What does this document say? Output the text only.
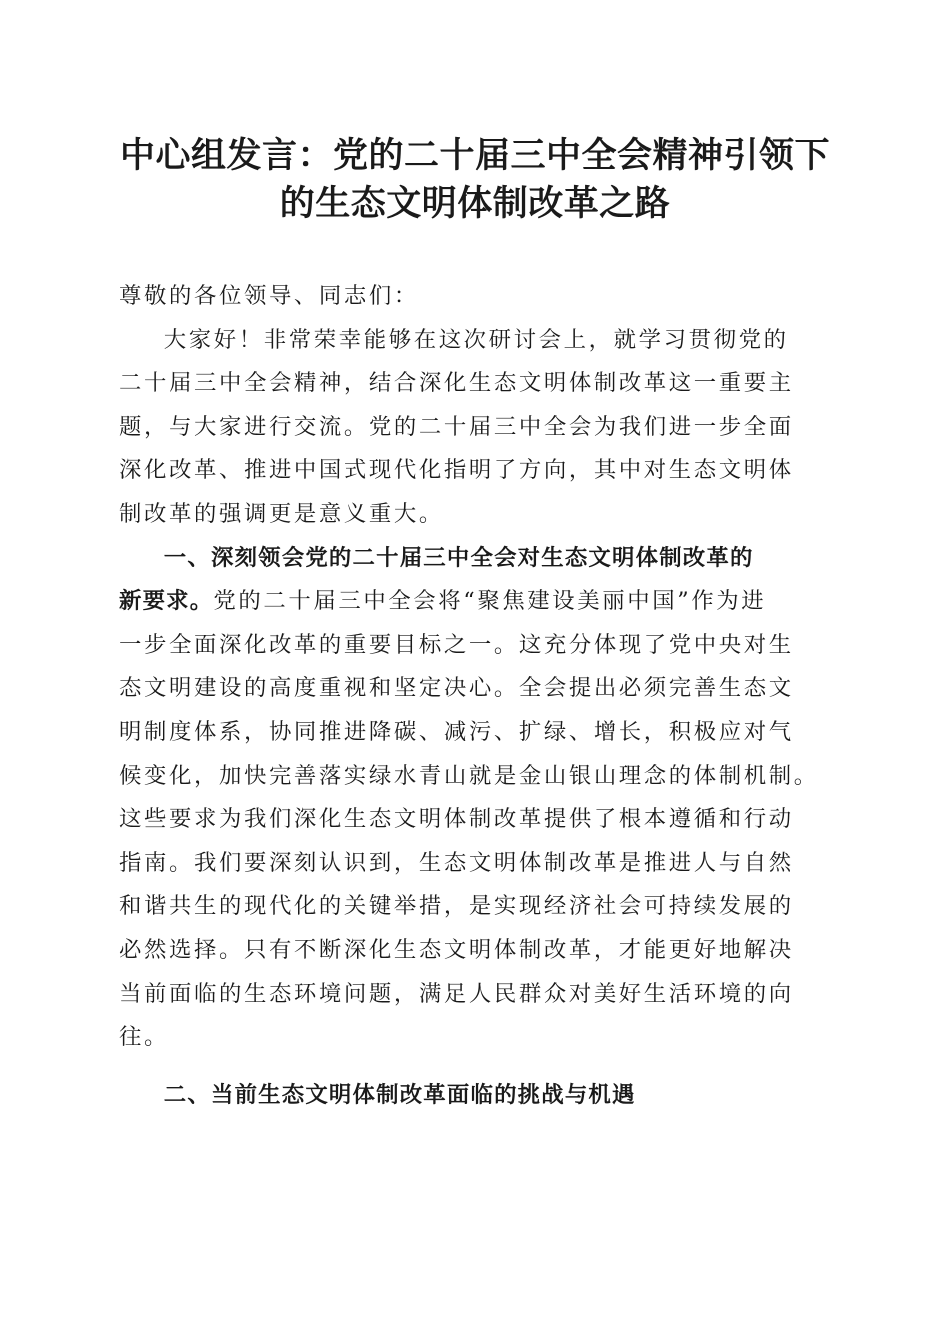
中心组发言：党的二十届三中全会精神引领下
的生态文明体制改革之路

尊敬的各位领导、同志们：

大家好！非常荣幸能够在这次研讨会上，就学习贯彻党的
二十届三中全会精神，结合深化生态文明体制改革这一重要主
题，与大家进行交流。党的二十届三中全会为我们进一步全面
深化改革、推进中国式现代化指明了方向，其中对生态文明体
制改革的强调更是意义重大。

一、深刻领会党的二十届三中全会对生态文明体制改革的
新要求。党的二十届三中全会将“聚焦建设美丽中国”作为进
一步全面深化改革的重要目标之一。这充分体现了党中央对生
态文明建设的高度重视和坚定决心。全会提出必须完善生态文
明制度体系，协同推进降碳、减污、扩绿、增长，积极应对气
候变化，加快完善落实绿水青山就是金山银山理念的体制机制。
这些要求为我们深化生态文明体制改革提供了根本遵循和行动
指南。我们要深刻认识到，生态文明体制改革是推进人与自然
和谐共生的现代化的关键举措，是实现经济社会可持续发展的
必然选择。只有不断深化生态文明体制改革，才能更好地解决
当前面临的生态环境问题，满足人民群众对美好生活环境的向
往。

二、当前生态文明体制改革面临的挑战与机遇
